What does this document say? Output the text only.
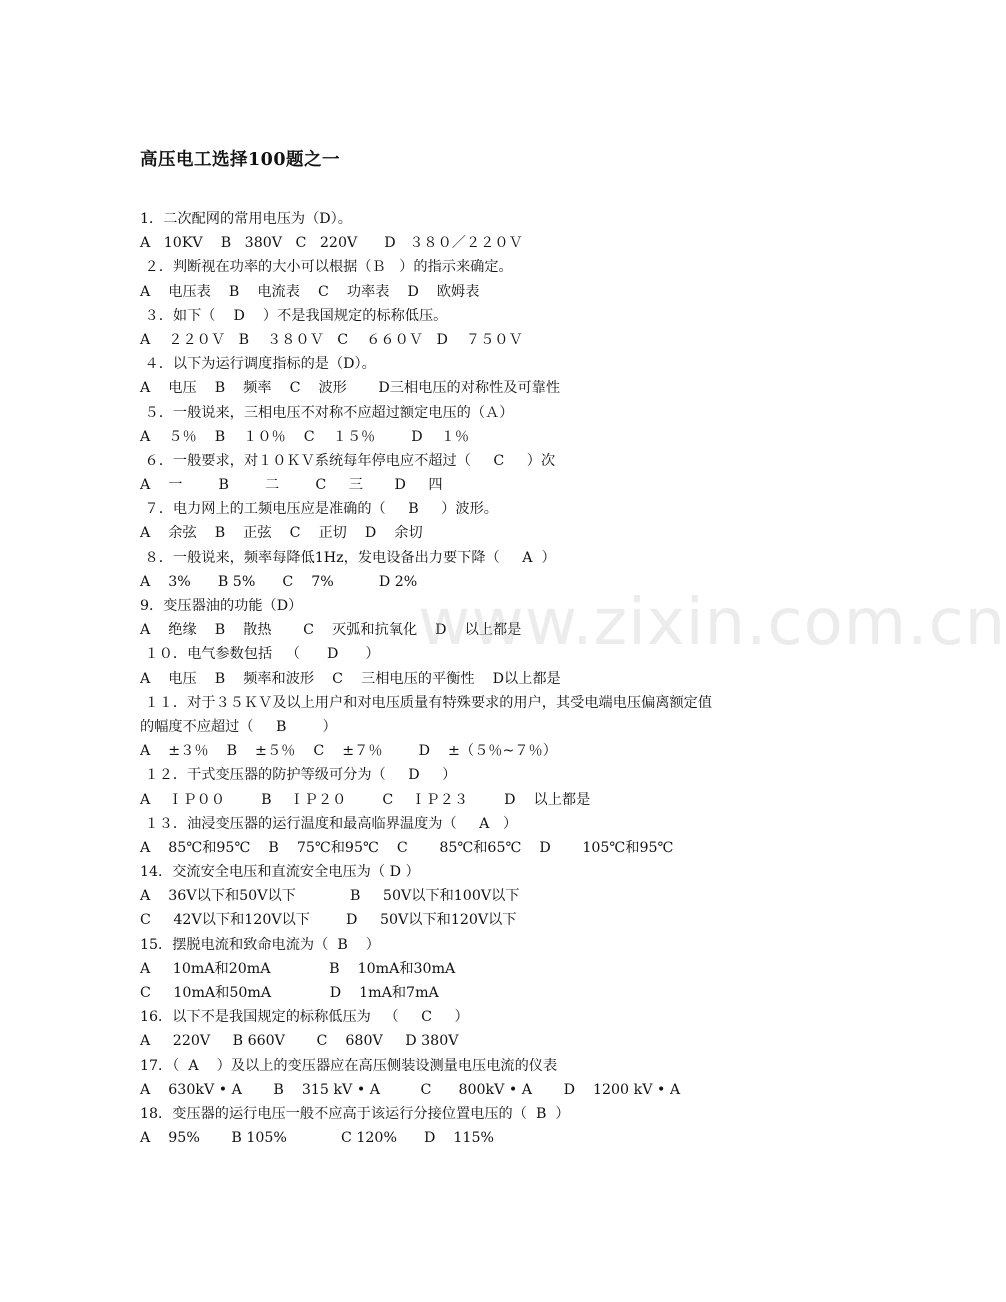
高压电工选择100题之一
1．二次配网的常用电压为（D）。
A   10KV    B   380V   C   220V      D   ３８０／２２０Ｖ
２．判断视在功率的大小可以根据（Ｂ   ）的指示来确定。
A    电压表    B    电流表    C    功率表    D    欧姆表
３．如下（    D    ）不是我国规定的标称低压。
A    ２２０Ｖ   B    ３８０Ｖ   C    ６６０Ｖ   D    ７５０Ｖ
４．以下为运行调度指标的是（D）。
A    电压    B    频率    C    波形       D三相电压的对称性及可靠性
５．一般说来，三相电压不对称不应超过额定电压的（Ａ）
A    ５％    B    １０％    C    １５％        D    １％
６．一般要求，对１０ＫＶ系统每年停电应不超过（     C     ）次
A    一        B        二        C     三       D     四
７．电力网上的工频电压应是准确的（     B     ）波形。
A    余弦    B    正弦    C    正切    D    余切
８．一般说来，频率每降低1Hz，发电设备出力要下降（     A  ）
A    3%      B 5%      C    7%          D 2%
9．变压器油的功能（D）
A    绝缘    B    散热       C    灭弧和抗氧化    D    以上都是
１０．电气参数包括   （      D      ）
A    电压    B    频率和波形    C    三相电压的平衡性    D以上都是
１１．对于３５ＫＶ及以上用户和对电压质量有特殊要求的用户，其受电端电压偏离额定值
的幅度不应超过（     B        ）
A    ±３％    B    ±５％    C    ±７％        D    ±（５％~７％）
１２．干式变压器的防护等级可分为（     D     ）
A    ＩＰ００        B    ＩＰ２０        C    ＩＰ２３        D    以上都是
１３．油浸变压器的运行温度和最高临界温度为（     A   ）
A    85℃和95℃    B    75℃和95℃    C       85℃和65℃    D       105℃和95℃
14．交流安全电压和直流安全电压为（ D ）
A    36V以下和50V以下            B     50V以下和100V以下
C     42V以下和120V以下        D     50V以下和120V以下
15．摆脱电流和致命电流为（  B    ）
A     10mA和20mA             B    10mA和30mA
C     10mA和50mA             D    1mA和7mA
16．以下不是我国规定的标称低压为   （     C     ）
A     220V     B 660V       C    680V     D 380V
17．（  A    ）及以上的变压器应在高压侧装设测量电压电流的仪表
A    630kV • A       B    315 kV • A         C      800kV • A       D    1200 kV • A
18．变压器的运行电压一般不应高于该运行分接位置电压的（  B  ）
A    95%       B 105%            C 120%      D    115%
www.zixin.com.cn
